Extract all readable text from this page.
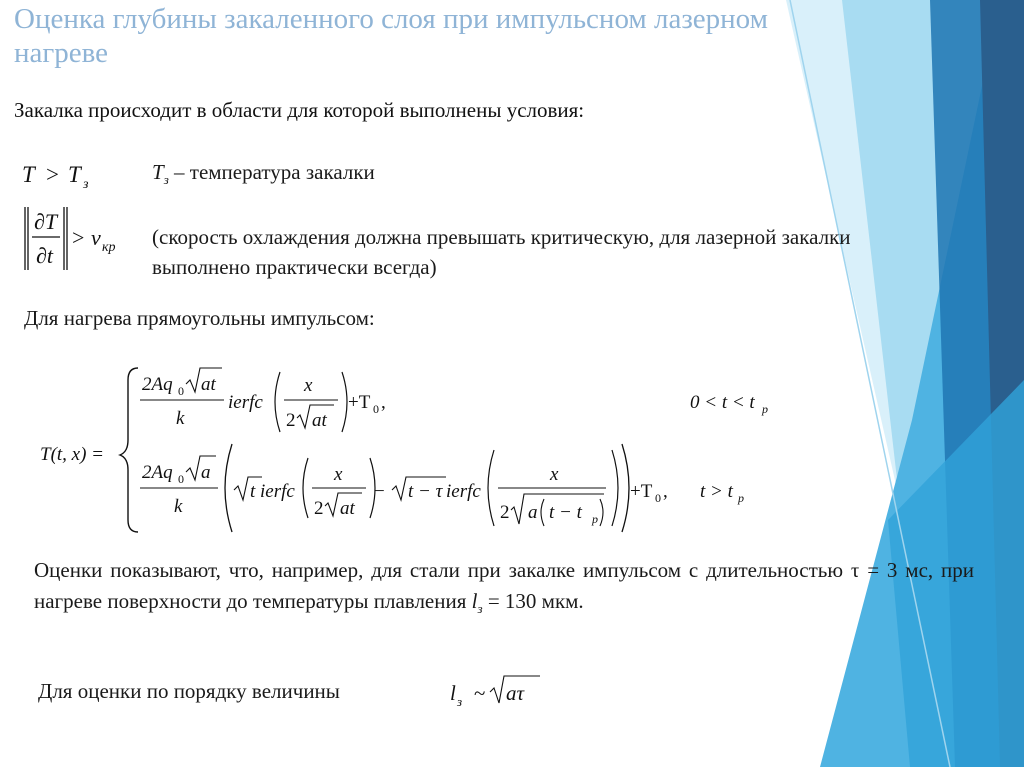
Оценка глубины закаленного слоя при импульсном лазерном нагреве
Закалка происходит в области для которой выполнены условия:
$T_з$ – температура закалки
(скорость охлаждения должна превышать критическую, для лазерной закалки выполнено практически всегда)
Для нагрева прямоугольны импульсом:
Оценки показывают, что, например, для стали при закалке импульсом с длительностью τ = 3 мс, при нагреве поверхности до температуры плавления $l_з = 130$ мкм.
Для оценки по порядку величины
T > T з
∂T
∂t
> v кр
T(t, x) =
2Aq 0 at
k
ierfc
x
2 at
+T 0 ,	0 < t < t p
2Aq 0 a
k
t ierfc
x
2 at
− t − τ ierfc
x
2 a t − t p
+T 0 , t > t p
l з ~ aτ
